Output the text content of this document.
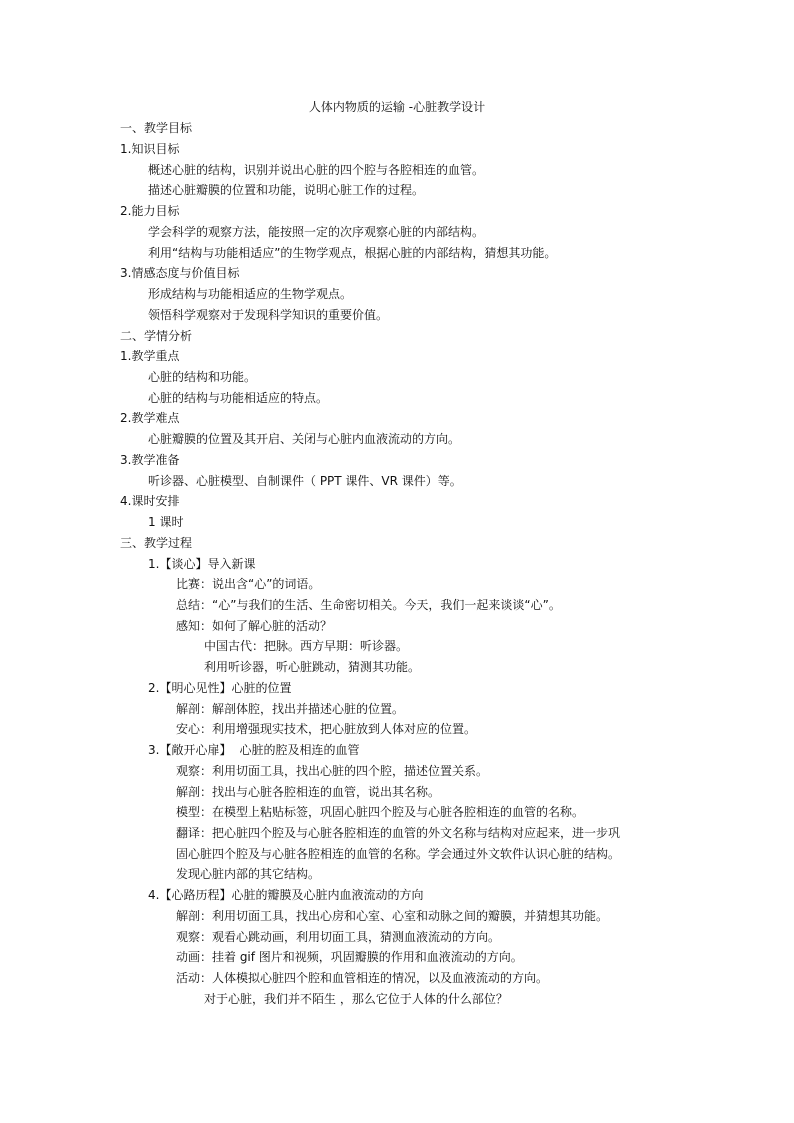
人体内物质的运输 -心脏教学设计
一、教学目标
1.知识目标
概述心脏的结构，识别并说出心脏的四个腔与各腔相连的血管。
描述心脏瓣膜的位置和功能，说明心脏工作的过程。
2.能力目标
学会科学的观察方法，能按照一定的次序观察心脏的内部结构。
利用“结构与功能相适应”的生物学观点，根据心脏的内部结构，猜想其功能。
3.情感态度与价值目标
形成结构与功能相适应的生物学观点。
领悟科学观察对于发现科学知识的重要价值。
二、学情分析
1.教学重点
心脏的结构和功能。
心脏的结构与功能相适应的特点。
2.教学难点
心脏瓣膜的位置及其开启、关闭与心脏内血液流动的方向。
3.教学准备
听诊器、心脏模型、自制课件（ PPT 课件、VR 课件）等。
4.课时安排
1 课时
三、教学过程
1.【谈心】导入新课
比赛：说出含“心”的词语。
总结：“心”与我们的生活、生命密切相关。今天，我们一起来谈谈“心”。
感知：如何了解心脏的活动？
中国古代：把脉。西方早期：听诊器。
利用听诊器，听心脏跳动，猜测其功能。
2.【明心见性】心脏的位置
解剖：解剖体腔，找出并描述心脏的位置。
安心：利用增强现实技术，把心脏放到人体对应的位置。
3.【敞开心扉】 心脏的腔及相连的血管
观察：利用切面工具，找出心脏的四个腔，描述位置关系。
解剖：找出与心脏各腔相连的血管，说出其名称。
模型：在模型上粘贴标签，巩固心脏四个腔及与心脏各腔相连的血管的名称。
翻译：把心脏四个腔及与心脏各腔相连的血管的外文名称与结构对应起来，进一步巩
固心脏四个腔及与心脏各腔相连的血管的名称。学会通过外文软件认识心脏的结构。
发现心脏内部的其它结构。
4.【心路历程】心脏的瓣膜及心脏内血液流动的方向
解剖：利用切面工具，找出心房和心室、心室和动脉之间的瓣膜，并猜想其功能。
观察：观看心跳动画，利用切面工具，猜测血液流动的方向。
动画：挂着 gif 图片和视频，巩固瓣膜的作用和血液流动的方向。
活动：人体模拟心脏四个腔和血管相连的情况，以及血液流动的方向。
对于心脏，我们并不陌生 ，那么它位于人体的什么部位？
